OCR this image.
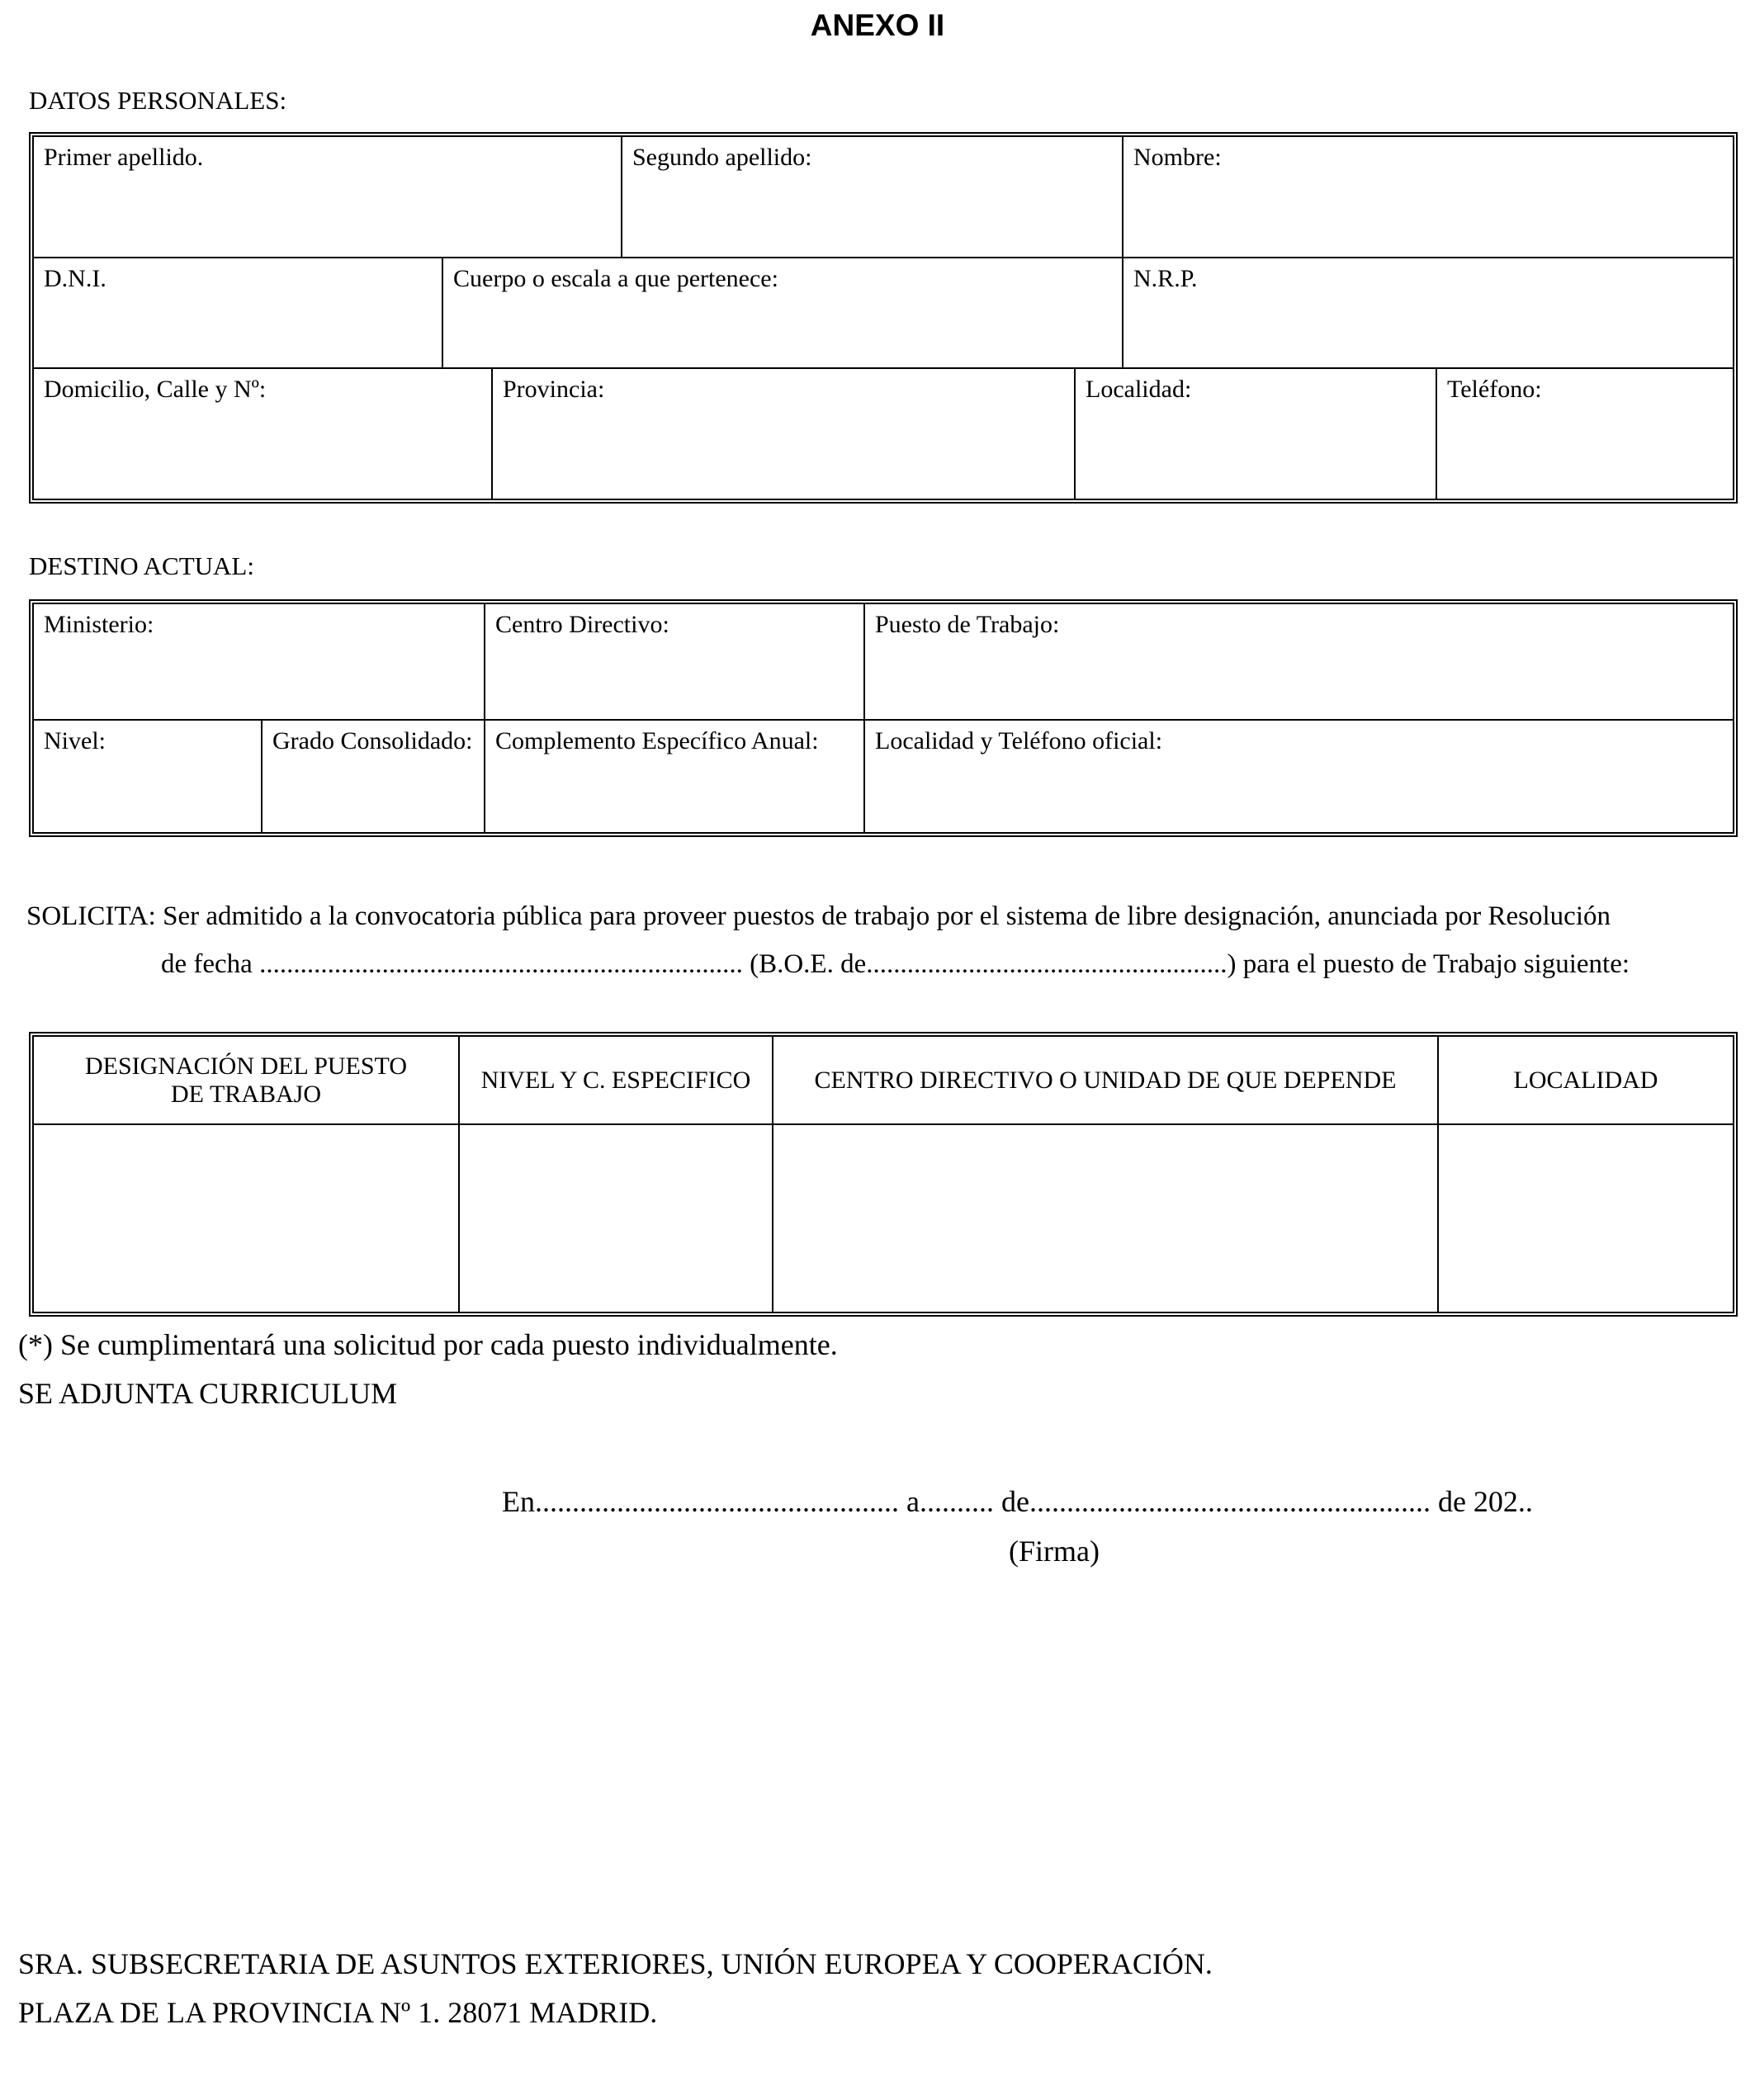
ANEXO II
DATOS PERSONALES:
Primer apellido.			Segundo apellido:		Nombre:	
D.N.I.	Cuerpo o escala a que pertenece:				N.R.P.	
Domicilio, Calle y Nº:		Provincia:		Localidad:		Teléfono:
DESTINO ACTUAL:
Ministerio:		Centro Directivo:	Puesto de Trabajo:
Nivel:	Grado Consolidado:	Complemento Específico Anual:	Localidad y Teléfono oficial:
SOLICITA: Ser admitido a la convocatoria pública para proveer puestos de trabajo por el sistema de libre designación, anunciada por Resolución
de fecha ....................................................................... (B.O.E. de.....................................................) para el puesto de Trabajo siguiente:
DESIGNACIÓN DEL PUESTO DE TRABAJO	NIVEL Y C. ESPECIFICO	CENTRO DIRECTIVO O UNIDAD DE QUE DEPENDE	LOCALIDAD

(*) Se cumplimentará una solicitud por cada puesto individualmente.
SE ADJUNTA CURRICULUM
En................................................. a.......... de...................................................... de 202..
(Firma)
SRA. SUBSECRETARIA DE ASUNTOS EXTERIORES, UNIÓN EUROPEA Y COOPERACIÓN.
PLAZA DE LA PROVINCIA Nº 1. 28071 MADRID.
